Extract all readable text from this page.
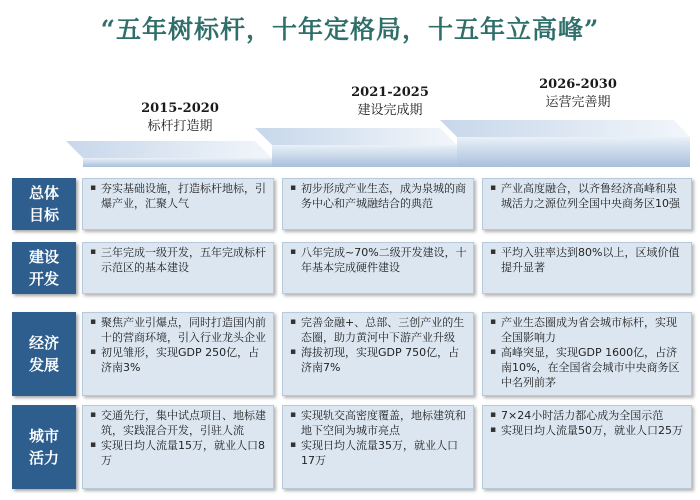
“五年树标杆，十年定格局，十五年立高峰”
2015-2020
标杆打造期
2021-2025
建设完成期
2026-2030
运营完善期
总体目标
建设开发
经济发展
城市活力
▪ 夯实基础设施，打造标杆地标，引爆产业，汇聚人气
▪ 初步形成产业生态，成为泉城的商务中心和产城融结合的典范
▪ 产业高度融合，以齐鲁经济高峰和泉城活力之源位列全国中央商务区10强
▪ 三年完成一级开发，五年完成标杆示范区的基本建设
▪ 八年完成~70%二级开发建设，十年基本完成硬件建设
▪ 平均入驻率达到80%以上，区域价值提升显著
▪ 聚焦产业引爆点，同时打造国内前十的营商环境，引入行业龙头企业
▪ 初见雏形，实现GDP 250亿，占济南3%
▪ 完善金融+、总部、三创产业的生态圈，助力黄河中下游产业升级
▪ 海拔初现，实现GDP 750亿，占济南7%
▪ 产业生态圈成为省会城市标杆，实现全国影响力
▪ 高峰突显，实现GDP 1600亿，占济南10%，在全国省会城市中央商务区中名列前茅
▪ 交通先行，集中试点项目、地标建筑，实践混合开发，引驻人流
▪ 实现日均人流量15万，就业人口8万
▪ 实现轨交高密度覆盖，地标建筑和地下空间为城市亮点
▪ 实现日均人流量35万，就业人口17万
▪ 7×24小时活力都心成为全国示范
▪ 实现日均人流量50万，就业人口25万
